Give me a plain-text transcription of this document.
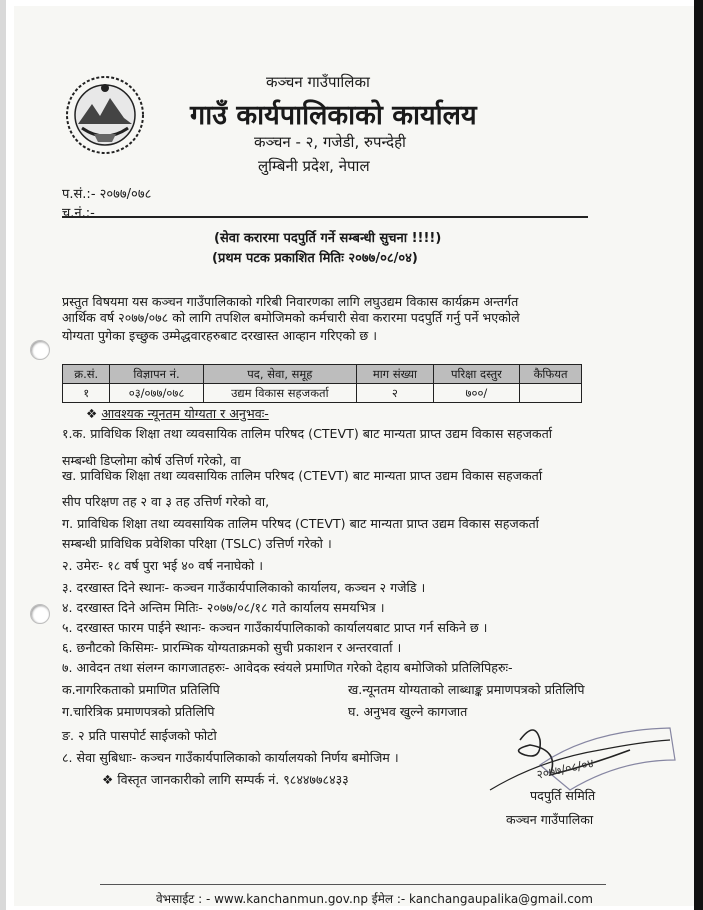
कञ्चन गाउँपालिका
गाउँ कार्यपालिकाको कार्यालय
कञ्चन - २, गजेडी, रुपन्देही
लुम्बिनी प्रदेश, नेपाल
प.सं.:- २०७७/०७८
च.नं.:-
(सेवा करारमा पदपुर्ति गर्ने सम्बन्धी सुचना !!!!)
(प्रथम पटक प्रकाशित मितिः २०७७/०८/०४)
प्रस्तुत विषयमा यस कञ्चन गाउँपालिकाको गरिबी निवारणका लागि लघुउद्यम विकास कार्यक्रम अन्तर्गत
आर्थिक वर्ष २०७७/०७८ को लागि तपशिल बमोजिमको कर्मचारी सेवा करारमा पदपुर्ति गर्नु पर्ने भएकोले
योग्यता पुगेका इच्छुक उम्मेद्धवारहरुबाट दरखास्त आव्हान गरिएको छ ।
क्र.सं.	विज्ञापन नं.	पद, सेवा, समूह	माग संख्या	परिक्षा दस्तुर	कैफियत
१	०३/०७७/०७८	उद्यम विकास सहजकर्ता	२	७००/	
❖ आवश्यक न्यूनतम योग्यता र अनुभवः-
१.क. प्राविधिक शिक्षा तथा व्यवसायिक तालिम परिषद (CTEVT) बाट मान्यता प्राप्त उद्यम विकास सहजकर्ता
सम्बन्धी डिप्लोमा कोर्ष उत्तिर्ण गरेको, वा
ख. प्राविधिक शिक्षा तथा व्यवसायिक तालिम परिषद (CTEVT) बाट मान्यता प्राप्त उद्यम विकास सहजकर्ता
सीप परिक्षण तह २ वा ३ तह उत्तिर्ण गरेको वा,
ग. प्राविधिक शिक्षा तथा व्यवसायिक तालिम परिषद (CTEVT) बाट मान्यता प्राप्त उद्यम विकास सहजकर्ता
सम्बन्धी प्राविधिक प्रवेशिका परिक्षा (TSLC) उत्तिर्ण गरेको ।
२. उमेरः- १८ वर्ष पुरा भई ४० वर्ष ननाघेको ।
३. दरखास्त दिने स्थानः- कञ्चन गाउँकार्यपालिकाको कार्यालय, कञ्चन २ गजेडि ।
४. दरखास्त दिने अन्तिम मितिः- २०७७/०८/१८ गते कार्यालय समयभित्र ।
५. दरखास्त फारम पाईने स्थानः- कञ्चन गाउँकार्यपालिकाको कार्यालयबाट प्राप्त गर्न सकिने छ ।
६. छनौटको किसिमः- प्रारम्भिक योग्यताक्रमको सुची प्रकाशन र अन्तरवार्ता ।
७. आवेदन तथा संलग्न कागजातहरुः- आवेदक स्वंयले प्रमाणित गरेको देहाय बमोजिको प्रतिलिपिहरुः-
क.नागरिकताको प्रमाणित प्रतिलिपि	ख.न्यूनतम योग्यताको लाब्धाङ्क प्रमाणपत्रको प्रतिलिपि
ग.चारित्रिक प्रमाणपत्रको प्रतिलिपि	घ. अनुभव खुल्ने कागजात
ङ. २ प्रति पासपोर्ट साईजको फोटो
८. सेवा सुबिधाः- कञ्चन गाउँकार्यपालिकाको कार्यालयको निर्णय बमोजिम ।
❖ विस्तृत जानकारीको लागि सम्पर्क नं. ९८४४७७८४३३	२०७७/०८/०४
पदपुर्ति समिति
कञ्चन गाउँपालिका
वेभसाईट : - www.kanchanmun.gov.np ईमेल :- kanchangaupalika@gmail.com
